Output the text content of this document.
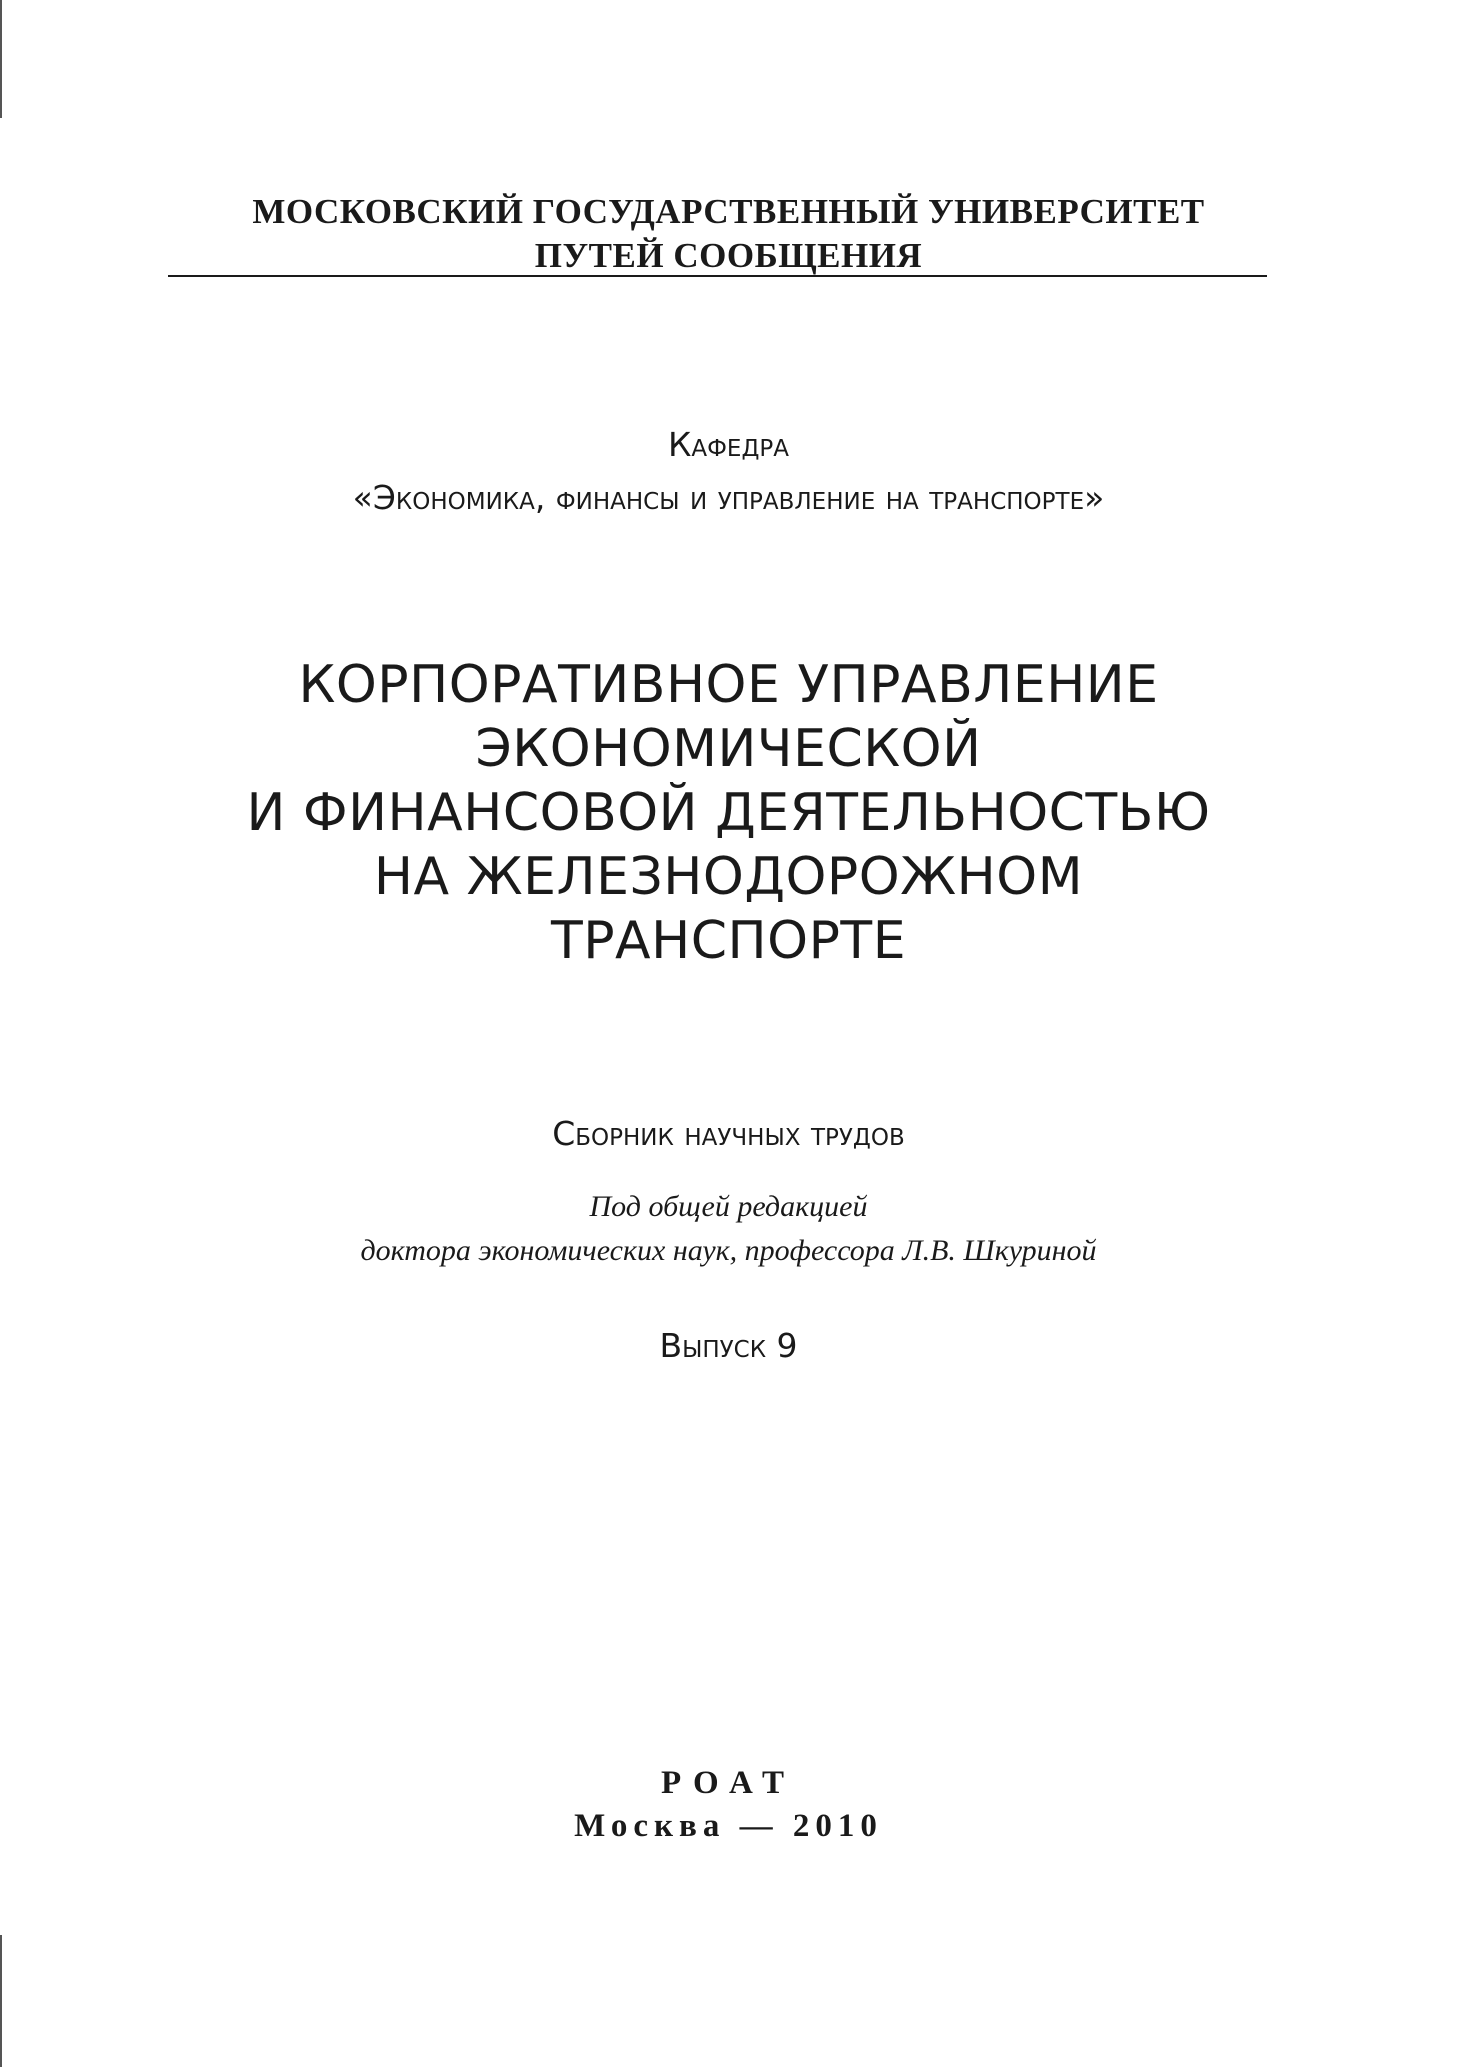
МОСКОВСКИЙ ГОСУДАРСТВЕННЫЙ УНИВЕРСИТЕТ
ПУТЕЙ СООБЩЕНИЯ
Кафедра
«Экономика, финансы и управление на транспорте»
КОРПОРАТИВНОЕ УПРАВЛЕНИЕ
ЭКОНОМИЧЕСКОЙ
И ФИНАНСОВОЙ ДЕЯТЕЛЬНОСТЬЮ
НА ЖЕЛЕЗНОДОРОЖНОМ
ТРАНСПОРТЕ
Сборник научных трудов
Под общей редакцией
доктора экономических наук, профессора Л.В. Шкуриной
Выпуск 9
РОАТ
Москва — 2010
